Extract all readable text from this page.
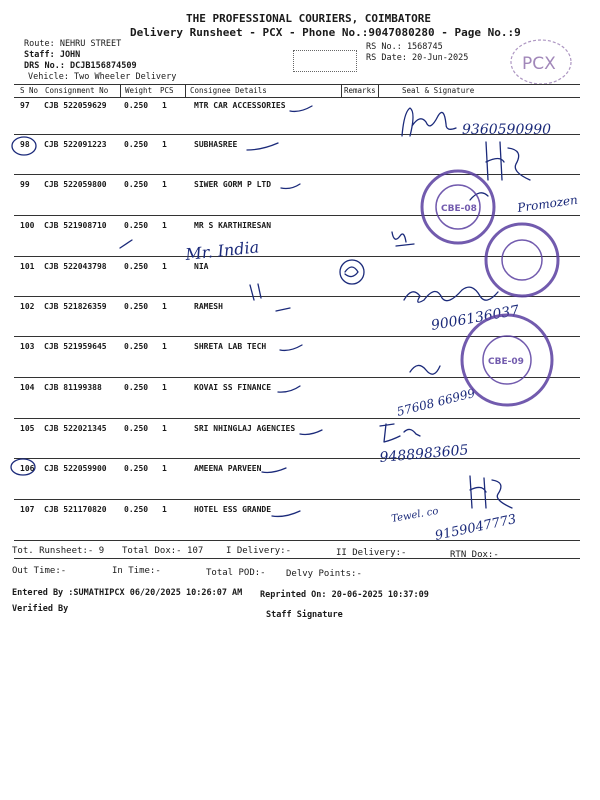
THE PROFESSIONAL COURIERS, COIMBATORE
Delivery Runsheet - PCX - Phone No.:9047080280 - Page No.:9
Route: NEHRU STREET
Staff: JOHN
DRS No.: DCJB156874509
Vehicle: Two Wheeler Delivery
RS No.: 1568745
RS Date: 20-Jun-2025	PCX
S No Consignment No Weight PCS Consignee Details	Remarks	Seal & Signature
97 CJB 522059629 0.250 1	MTR CAR ACCESSORIES
98 CJB 522091223 0.250 1	SUBHASREE
99 CJB 522059800 0.250 1	SIWER GORM P LTD
100 CJB 521908710 0.250 1	MR S KARTHIRESAN
101 CJB 522043798 0.250 1	NIA
102 CJB 521826359 0.250 1	RAMESH
103 CJB 521959645 0.250 1	SHRETA LAB TECH
104 CJB 81199388	0.250 1	KOVAI SS FINANCE
105 CJB 522021345 0.250 1	SRI NHINGLAJ AGENCIES
106 CJB 522059900 0.250 1	AMEENA PARVEEN
107 CJB 521170820 0.250 1	HOTEL ESS GRANDE
9360590990
Promozen
Mr. India
9006136037
57608 66999
9488983605
Tewel. co
9159047773
CBE-08
CBE-09
Tot. Runsheet:- 9 Total Dox:- 107	I Delivery:-	II Delivery:-	RTN Dox:-
Out Time:-	In Time:-	Total POD:- Delvy Points:-
Entered By :SUMATHIPCX 06/20/2025 10:26:07 AM Reprinted On: 20-06-2025 10:37:09
Verified By
Staff Signature
